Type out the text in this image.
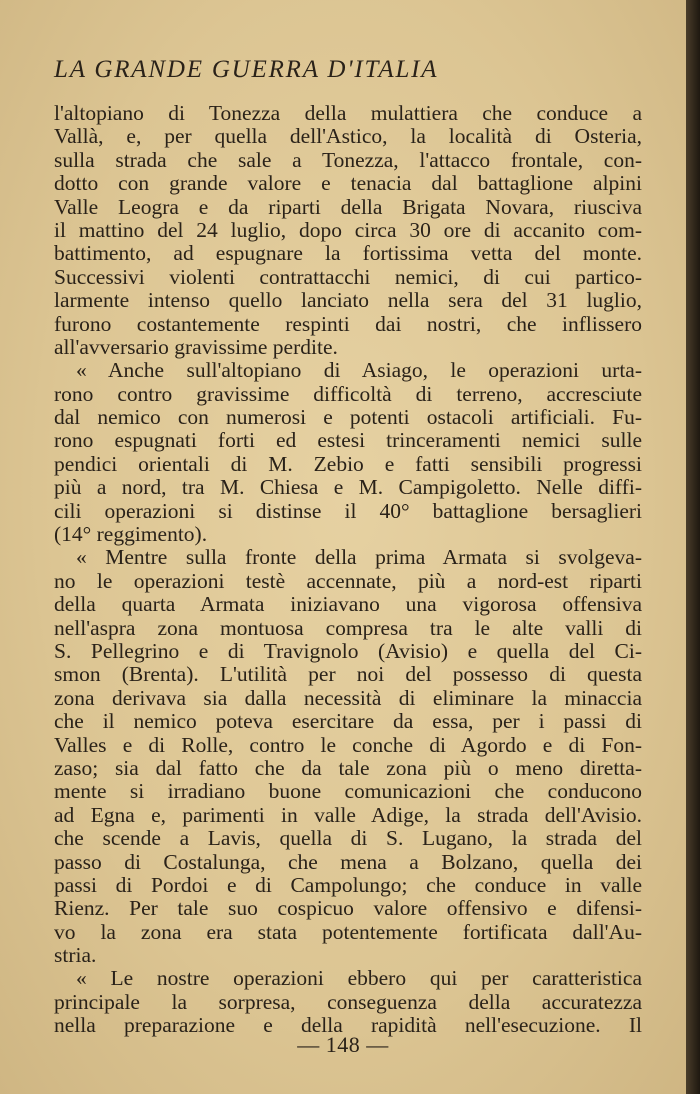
LA GRANDE GUERRA D'ITALIA
l'altopiano di Tonezza della mulattiera che conduce a
Vallà, e, per quella dell'Astico, la località di Osteria,
sulla strada che sale a Tonezza, l'attacco frontale, con-
dotto con grande valore e tenacia dal battaglione alpini
Valle Leogra e da riparti della Brigata Novara, riusciva
il mattino del 24 luglio, dopo circa 30 ore di accanito com-
battimento, ad espugnare la fortissima vetta del monte.
Successivi violenti contrattacchi nemici, di cui partico-
larmente intenso quello lanciato nella sera del 31 luglio,
furono costantemente respinti dai nostri, che inflissero
all'avversario gravissime perdite.
« Anche sull'altopiano di Asiago, le operazioni urta-
rono contro gravissime difficoltà di terreno, accresciute
dal nemico con numerosi e potenti ostacoli artificiali. Fu-
rono espugnati forti ed estesi trinceramenti nemici sulle
pendici orientali di M. Zebio e fatti sensibili progressi
più a nord, tra M. Chiesa e M. Campigoletto. Nelle diffi-
cili operazioni si distinse il 40° battaglione bersaglieri
(14° reggimento).
« Mentre sulla fronte della prima Armata si svolgeva-
no le operazioni testè accennate, più a nord-est riparti
della quarta Armata iniziavano una vigorosa offensiva
nell'aspra zona montuosa compresa tra le alte valli di
S. Pellegrino e di Travignolo (Avisio) e quella del Ci-
smon (Brenta). L'utilità per noi del possesso di questa
zona derivava sia dalla necessità di eliminare la minaccia
che il nemico poteva esercitare da essa, per i passi di
Valles e di Rolle, contro le conche di Agordo e di Fon-
zaso; sia dal fatto che da tale zona più o meno diretta-
mente si irradiano buone comunicazioni che conducono
ad Egna e, parimenti in valle Adige, la strada dell'Avisio.
che scende a Lavis, quella di S. Lugano, la strada del
passo di Costalunga, che mena a Bolzano, quella dei
passi di Pordoi e di Campolungo; che conduce in valle
Rienz. Per tale suo cospicuo valore offensivo e difensi-
vo la zona era stata potentemente fortificata dall'Au-
stria.
« Le nostre operazioni ebbero qui per caratteristica
principale la sorpresa, conseguenza della accuratezza
nella preparazione e della rapidità nell'esecuzione. Il
— 148 —
